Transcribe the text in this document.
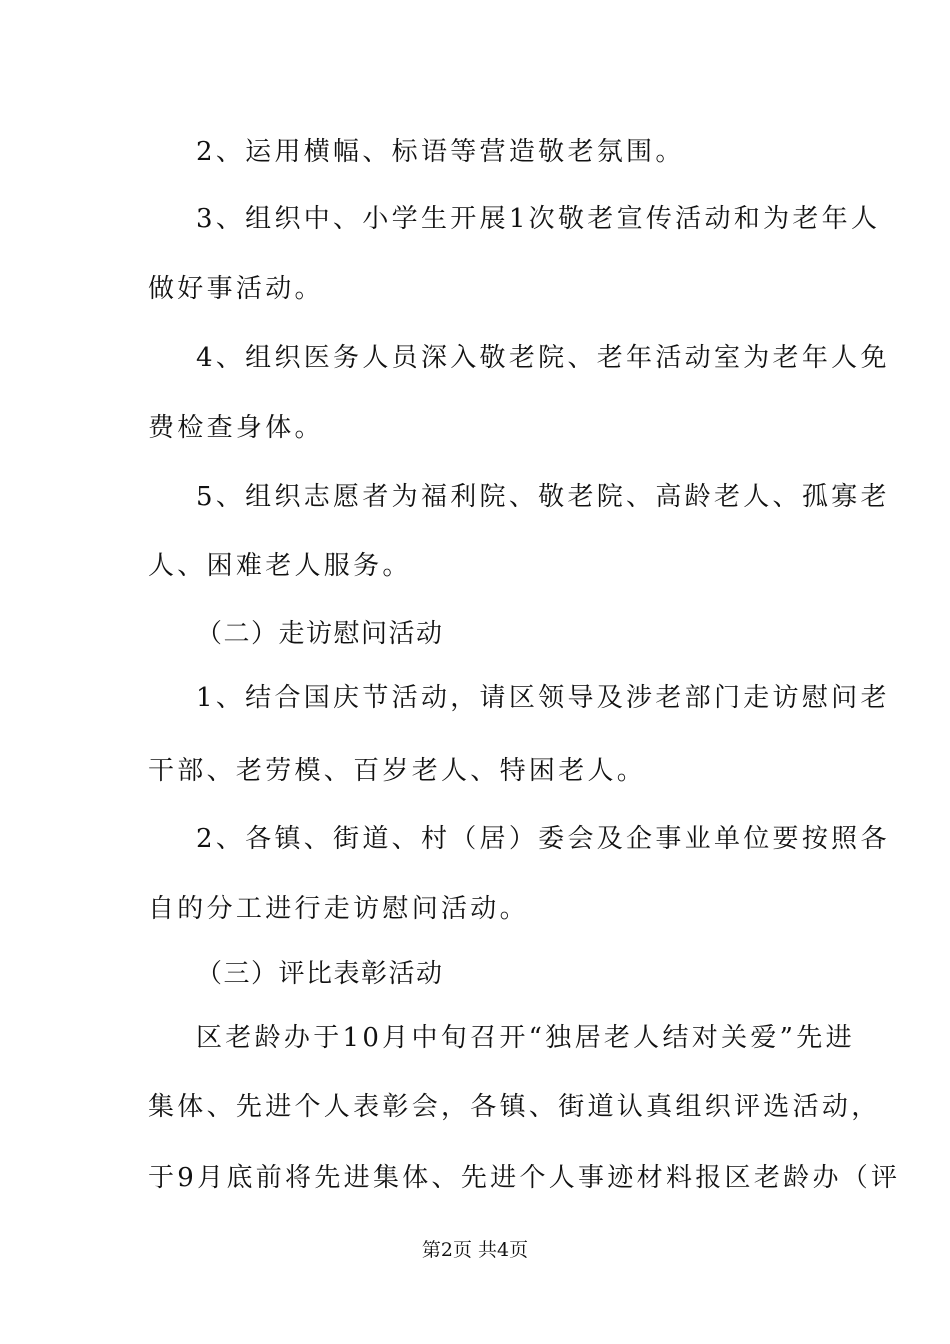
2、运用横幅、标语等营造敬老氛围。
3、组织中、小学生开展1次敬老宣传活动和为老年人
做好事活动。
4、组织医务人员深入敬老院、老年活动室为老年人免
费检查身体。
5、组织志愿者为福利院、敬老院、高龄老人、孤寡老
人、困难老人服务。
（二）走访慰问活动
1、结合国庆节活动，请区领导及涉老部门走访慰问老
干部、老劳模、百岁老人、特困老人。
2、各镇、街道、村（居）委会及企事业单位要按照各
自的分工进行走访慰问活动。
（三）评比表彰活动
区老龄办于10月中旬召开“独居老人结对关爱”先进
集体、先进个人表彰会，各镇、街道认真组织评选活动，
于9月底前将先进集体、先进个人事迹材料报区老龄办（评
第2页 共4页
